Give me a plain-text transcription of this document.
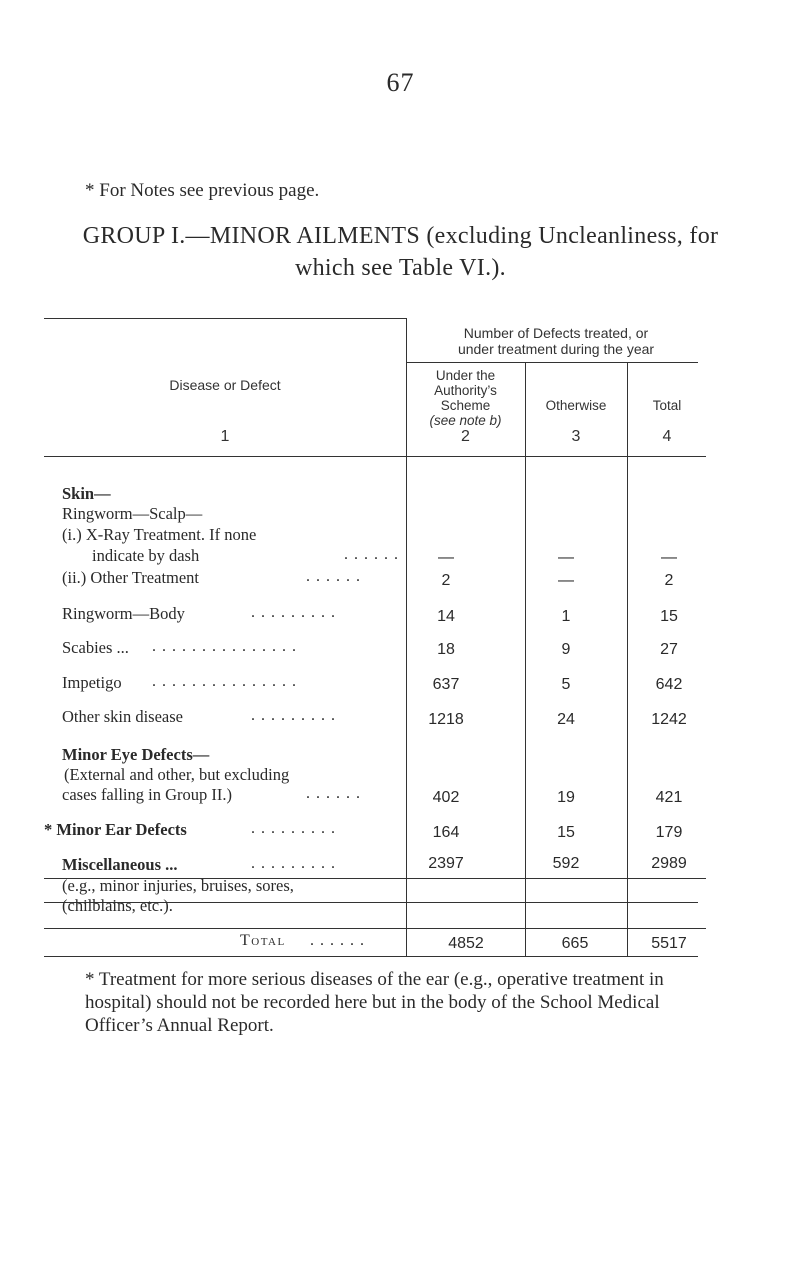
67
* For Notes see previous page.
GROUP I.—MINOR AILMENTS (excluding Uncleanliness, for
which see Table VI.).
Disease or Defect
1
Number of Defects treated, or
under treatment during the year
Under the
Authority’s
Scheme
(see note b)
2
Otherwise
3
Total
4
Skin—
Ringworm—Scalp—
(i.) X-Ray Treatment. If none
indicate by dash	. . . . . .	—	—	—
(ii.) Other Treatment	. . . . . .	2	—	2
Ringworm—Body	. . . . . . . . .	14	1	15
Scabies ... . . . . . . . . . . . . . . .	18	9	27
Impetigo . . . . . . . . . . . . . . .	637	5	642
Other skin disease	. . . . . . . . .	1218	24	1242
Minor Eye Defects—
(External and other, but excluding
cases falling in Group II.)	. . . . . .	402	19	421
* Minor Ear Defects	. . . . . . . . .	164	15	179
Miscellaneous ...	. . . . . . . . .	2397	592	2989
(e.g., minor injuries, bruises, sores,
(chilblains, etc.).
Total . . . . . .	4852	665	5517
* Treatment for more serious diseases of the ear (e.g., operative treatment in hospital) should not be recorded here but in the body of the School Medical Officer’s Annual Report.
